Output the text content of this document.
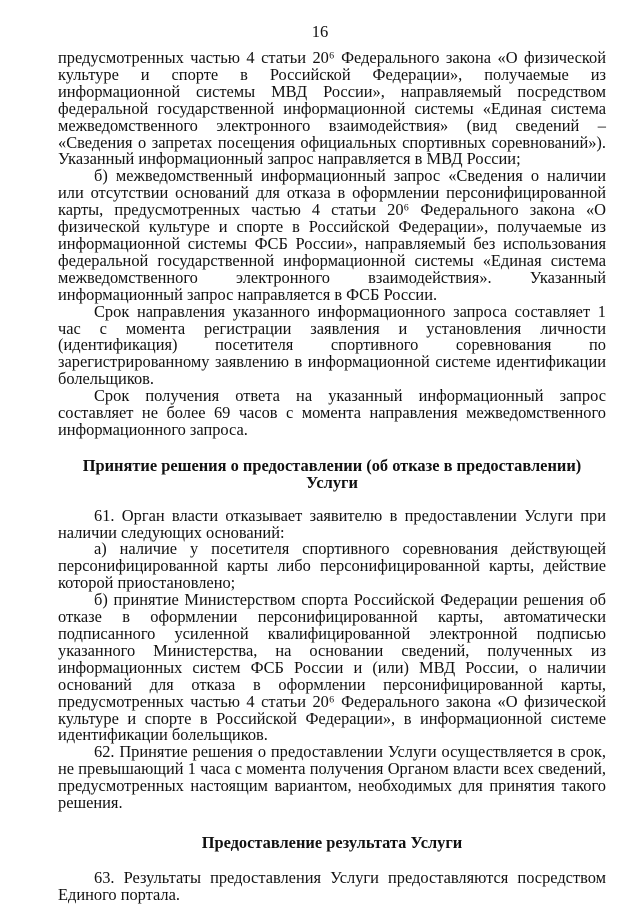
16

предусмотренных частью 4 статьи 20⁶ Федерального закона «О физической культуре и спорте в Российской Федерации», получаемые из информационной системы МВД России», направляемый посредством федеральной государственной информационной системы «Единая система межведомственного электронного взаимодействия» (вид сведений – «Сведения о запретах посещения официальных спортивных соревнований»). Указанный информационный запрос направляется в МВД России;

б) межведомственный информационный запрос «Сведения о наличии или отсутствии оснований для отказа в оформлении персонифицированной карты, предусмотренных частью 4 статьи 20⁶ Федерального закона «О физической культуре и спорте в Российской Федерации», получаемые из информационной системы ФСБ России», направляемый без использования федеральной государственной информационной системы «Единая система межведомственного электронного взаимодействия». Указанный информационный запрос направляется в ФСБ России.

Срок направления указанного информационного запроса составляет 1 час с момента регистрации заявления и установления личности (идентификация) посетителя спортивного соревнования по зарегистрированному заявлению в информационной системе идентификации болельщиков.

Срок получения ответа на указанный информационный запрос составляет не более 69 часов с момента направления межведомственного информационного запроса.

Принятие решения о предоставлении (об отказе в предоставлении) Услуги

61. Орган власти отказывает заявителю в предоставлении Услуги при наличии следующих оснований:

а) наличие у посетителя спортивного соревнования действующей персонифицированной карты либо персонифицированной карты, действие которой приостановлено;

б) принятие Министерством спорта Российской Федерации решения об отказе в оформлении персонифицированной карты, автоматически подписанного усиленной квалифицированной электронной подписью указанного Министерства, на основании сведений, полученных из информационных систем ФСБ России и (или) МВД России, о наличии оснований для отказа в оформлении персонифицированной карты, предусмотренных частью 4 статьи 20⁶ Федерального закона «О физической культуре и спорте в Российской Федерации», в информационной системе идентификации болельщиков.

62. Принятие решения о предоставлении Услуги осуществляется в срок, не превышающий 1 часа с момента получения Органом власти всех сведений, предусмотренных настоящим вариантом, необходимых для принятия такого решения.

Предоставление результата Услуги

63. Результаты предоставления Услуги предоставляются посредством Единого портала.
